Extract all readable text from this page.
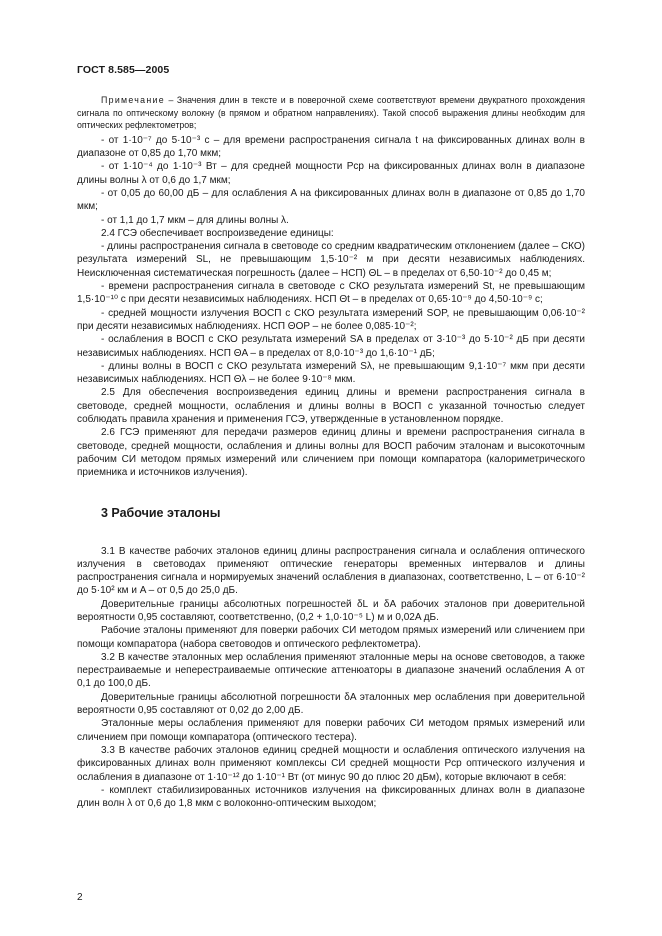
ГОСТ 8.585—2005
Примечание – Значения длин в тексте и в поверочной схеме соответствуют времени двукратного прохождения сигнала по оптическому волокну (в прямом и обратном направлениях). Такой способ выражения длины необходим для оптических рефлектометров;

- от 1·10⁻⁷ до 5·10⁻³ с – для времени распространения сигнала t на фиксированных длинах волн в диапазоне от 0,85 до 1,70 мкм;

- от 1·10⁻⁴ до 1·10⁻³ Вт – для средней мощности Pср на фиксированных длинах волн в диапазоне длины волны λ от 0,6 до 1,7 мкм;

- от 0,05 до 60,00 дБ – для ослабления A на фиксированных длинах волн в диапазоне от 0,85 до 1,70 мкм;

- от 1,1 до 1,7 мкм – для длины волны λ.

2.4 ГСЭ обеспечивает воспроизведение единицы:

- длины распространения сигнала в световоде со средним квадратическим отклонением (далее – СКО) результата измерений SL, не превышающим 1,5·10⁻² м при десяти независимых наблюдениях. Неисключенная систематическая погрешность (далее – НСП) ΘL – в пределах от 6,50·10⁻² до 0,45 м;

- времени распространения сигнала в световоде с СКО результата измерений St, не превышающим 1,5·10⁻¹⁰ с при десяти независимых наблюдениях. НСП Θt – в пределах от 0,65·10⁻⁹ до 4,50·10⁻⁹ с;

- средней мощности излучения ВОСП с СКО результата измерений SOP, не превышающим 0,06·10⁻² при десяти независимых наблюдениях. НСП ΘOP – не более 0,085·10⁻²;

- ослабления в ВОСП с СКО результата измерений SA в пределах от 3·10⁻³ до 5·10⁻² дБ при десяти независимых наблюдениях. НСП ΘA – в пределах от 8,0·10⁻³ до 1,6·10⁻¹ дБ;

- длины волны в ВОСП с СКО результата измерений Sλ, не превышающим 9,1·10⁻⁷ мкм при десяти независимых наблюдениях. НСП Θλ – не более 9·10⁻⁸ мкм.

2.5 Для обеспечения воспроизведения единиц длины и времени распространения сигнала в световоде, средней мощности, ослабления и длины волны в ВОСП с указанной точностью следует соблюдать правила хранения и применения ГСЭ, утвержденные в установленном порядке.

2.6 ГСЭ применяют для передачи размеров единиц длины и времени распространения сигнала в световоде, средней мощности, ослабления и длины волны для ВОСП рабочим эталонам и высокоточным рабочим СИ методом прямых измерений или сличением при помощи компаратора (калориметрического приемника и источников излучения).

3 Рабочие эталоны

3.1 В качестве рабочих эталонов единиц длины распространения сигнала и ослабления оптического излучения в световодах применяют оптические генераторы временных интервалов и длины распространения сигнала и нормируемых значений ослабления в диапазонах, соответственно, L – от 6·10⁻² до 5·10² км и A – от 0,5 до 25,0 дБ.

Доверительные границы абсолютных погрешностей δL и δA рабочих эталонов при доверительной вероятности 0,95 составляют, соответственно, (0,2 + 1,0·10⁻⁵ L) м и 0,02A дБ.

Рабочие эталоны применяют для поверки рабочих СИ методом прямых измерений или сличением при помощи компаратора (набора световодов и оптического рефлектометра).

3.2 В качестве эталонных мер ослабления применяют эталонные меры на основе световодов, а также перестраиваемые и неперестраиваемые оптические аттенюаторы в диапазоне значений ослабления A от 0,1 до 100,0 дБ.

Доверительные границы абсолютной погрешности δA эталонных мер ослабления при доверительной вероятности 0,95 составляют от 0,02 до 2,00 дБ.

Эталонные меры ослабления применяют для поверки рабочих СИ методом прямых измерений или сличением при помощи компаратора (оптического тестера).

3.3 В качестве рабочих эталонов единиц средней мощности и ослабления оптического излучения на фиксированных длинах волн применяют комплексы СИ средней мощности Pср оптического излучения и ослабления в диапазоне от 1·10⁻¹² до 1·10⁻¹ Вт (от минус 90 до плюс 20 дБм), которые включают в себя:

- комплект стабилизированных источников излучения на фиксированных длинах волн в диапазоне длин волн λ от 0,6 до 1,8 мкм с волоконно-оптическим выходом;

2
